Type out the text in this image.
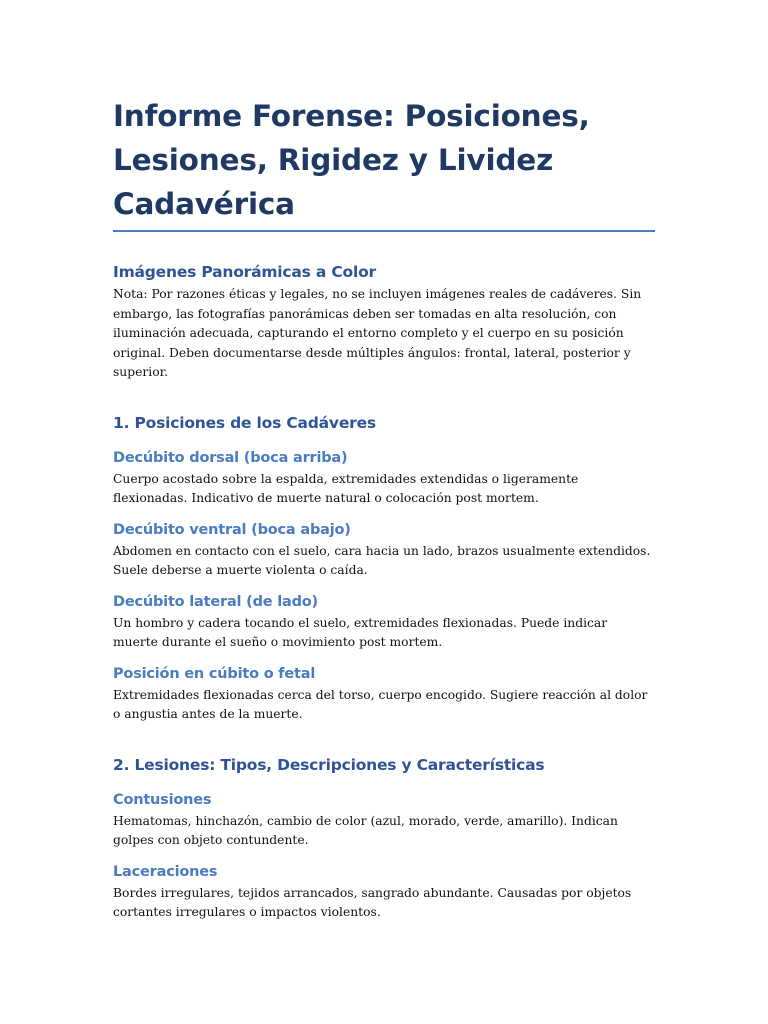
Informe Forense: Posiciones, Lesiones, Rigidez y Lividez Cadavérica
Imágenes Panorámicas a Color

Nota: Por razones éticas y legales, no se incluyen imágenes reales de cadáveres. Sin embargo, las fotografías panorámicas deben ser tomadas en alta resolución, con iluminación adecuada, capturando el entorno completo y el cuerpo en su posición original. Deben documentarse desde múltiples ángulos: frontal, lateral, posterior y superior.

1. Posiciones de los Cadáveres
Decúbito dorsal (boca arriba)

Cuerpo acostado sobre la espalda, extremidades extendidas o ligeramente flexionadas. Indicativo de muerte natural o colocación post mortem.

Decúbito ventral (boca abajo)

Abdomen en contacto con el suelo, cara hacia un lado, brazos usualmente extendidos. Suele deberse a muerte violenta o caída.

Decúbito lateral (de lado)

Un hombro y cadera tocando el suelo, extremidades flexionadas. Puede indicar muerte durante el sueño o movimiento post mortem.

Posición en cúbito o fetal

Extremidades flexionadas cerca del torso, cuerpo encogido. Sugiere reacción al dolor o angustia antes de la muerte.

2. Lesiones: Tipos, Descripciones y Características
Contusiones

Hematomas, hinchazón, cambio de color (azul, morado, verde, amarillo). Indican golpes con objeto contundente.

Laceraciones

Bordes irregulares, tejidos arrancados, sangrado abundante. Causadas por objetos cortantes irregulares o impactos violentos.
